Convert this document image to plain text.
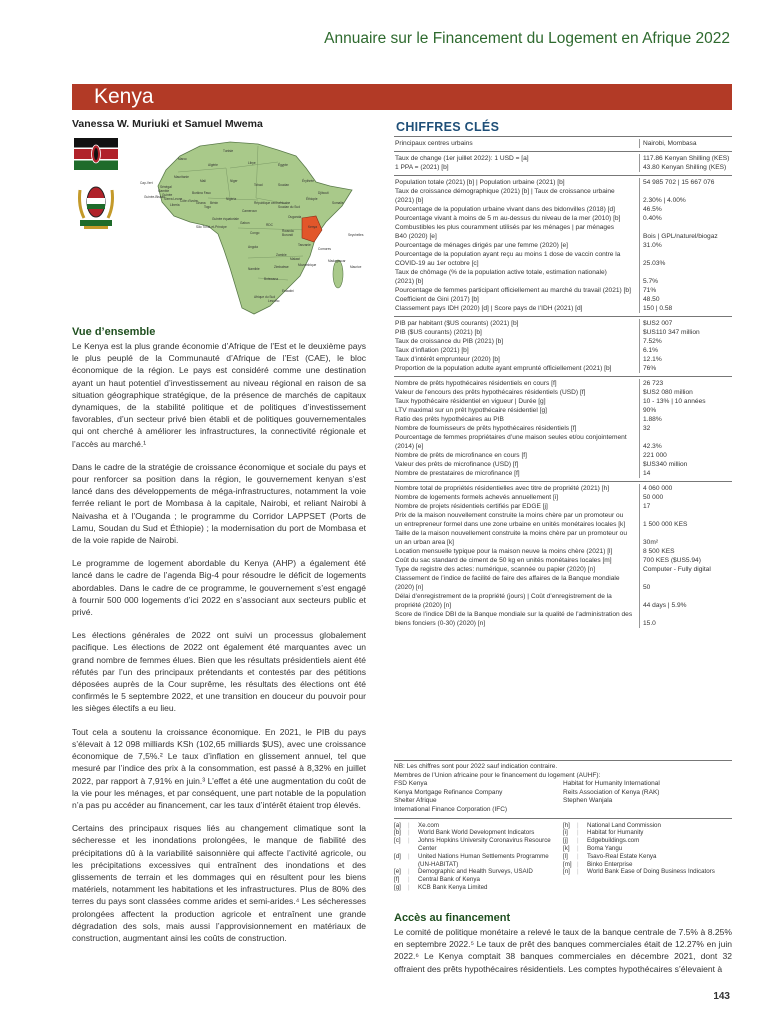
Annuaire sur le Financement du Logement en Afrique 2022
Kenya
Vanessa W. Muriuki et Samuel Mwema
Tunisie
Maroc
Algérie	Libye	Égypte
Mauritanie
Mali	Niger
Tchad	Soudan
Érythrée
Sénégal
Burkina Faso
Nigéria	Éthiopie
Somalie
Cameroun
Gabon	RDC	Kenya
Tanzanie
Angola
Zambie
Mozambique
Namibie
Botswana
Afrique du Sud
Madagascar
Maurice
Seychelles
Cap-Vert
Gambie
Guinée
Sierra Leone
Liberia
Côte d'Ivoire
Ghana
Togo
Bénin
Ouganda
Rwanda
Burundi
Malawi
Zimbabwe
Lesotho
Eswatini
Comores
São Tomé-et-Príncipe
Guinée équatoriale
Congo
République centrafricaine
Soudan du Sud
Djibouti
Guinée-Bissau
Vue d’ensemble

Le Kenya est la plus grande économie d’Afrique de l’Est et le deuxième pays le plus peuplé de la Communauté d’Afrique de l’Est (CAE), le bloc économique de la région. Le pays est considéré comme une destination ayant un haut potentiel d’investissement au niveau régional en raison de sa situation géographique stratégique, de la présence de marchés de capitaux dynamiques, de la stabilité politique et de politiques d’investissement favorables, d’un secteur privé bien établi et de politiques gouvernementales qui ont cherché à améliorer les infrastructures, la connectivité régionale et l’accès au marché.¹

Dans le cadre de la stratégie de croissance économique et sociale du pays et pour renforcer sa position dans la région, le gouvernement kenyan s’est lancé dans des développements de méga-infrastructures, notamment la voie ferrée reliant le port de Mombasa à la capitale, Nairobi, et reliant Nairobi à Naivasha et à l’Ouganda ; le programme du Corridor LAPPSET (Ports de Lamu, Soudan du Sud et Éthiopie) ; la modernisation du port de Mombasa et de la voie rapide de Nairobi.

Le programme de logement abordable du Kenya (AHP) a également été lancé dans le cadre de l’agenda Big-4 pour résoudre le déficit de logements abordables. Dans le cadre de ce programme, le gouvernement s’est engagé à fournir 500 000 logements d’ici 2022 en s’associant aux secteurs public et privé.

Les élections générales de 2022 ont suivi un processus globalement pacifique. Les élections de 2022 ont également été marquantes avec un grand nombre de femmes élues. Bien que les résultats présidentiels aient été réfutés par l’un des principaux prétendants et contestés par des pétitions déposées auprès de la Cour suprême, les résultats des élections ont été confirmés le 5 septembre 2022, et une transition en douceur du pouvoir pour les sièges électifs a eu lieu.

Tout cela a soutenu la croissance économique. En 2021, le PIB du pays s’élevait à 12 098 milliards KSh (102,65 milliards $US), avec une croissance économique de 7,5%.² Le taux d’inflation en glissement annuel, tel que mesuré par l’indice des prix à la consommation, est passé à 8,32% en juillet 2022, par rapport à 7,91% en juin.³ L’effet a été une augmentation du coût de la vie pour les ménages, et par conséquent, une part notable de la population n’a pas pu accéder au financement, car les taux d’intérêt étaient trop élevés.

Certains des principaux risques liés au changement climatique sont la sécheresse et les inondations prolongées, le manque de fiabilité des précipitations dû à la variabilité saisonnière qui affecte l’activité agricole, ou les précipitations excessives qui entraînent des inondations et des glissements de terrain et les dommages qui en résultent pour les biens matériels, notamment les habitations et les infrastructures. Plus de 80% des terres du pays sont classées comme arides et semi-arides.⁴ Les sécheresses prolongées affectent la production agricole et entraînent une grande dégradation des sols, mais aussi l’approvisionnement en matériaux de construction, augmentant ainsi les coûts de construction.

CHIFFRES CLÉS
Principaux centres urbains	Nairobi, Mombasa
Taux de change (1er juillet 2022): 1 USD = [a]	117.86 Kenyan Shilling (KES)
1 PPA = (2021) [b]	43.80 Kenyan Shilling (KES)
Population totale (2021) [b] | Population urbaine (2021) [b]	54 985 702 | 15 667 076
Taux de croissance démographique (2021) [b] | Taux de croissance urbaine
(2021) [b]	2.30% | 4.00%
Pourcentage de la population urbaine vivant dans des bidonvilles (2018) [d]	46.5%
Pourcentage vivant à moins de 5 m au-dessus du niveau de la mer (2010) [b]	0.40%
Combustibles les plus couramment utilisés par les ménages | par ménages
B40 (2020) [e]	Bois | GPL/naturel/biogaz
Pourcentage de ménages dirigés par une femme (2020) [e]	31.0%
Pourcentage de la population ayant reçu au moins 1 dose de vaccin contre la
COVID-19 au 1er octobre [c]	25.03%
Taux de chômage (% de la population active totale, estimation nationale)
(2021) [b]	5.7%
Pourcentage de femmes participant officiellement au marché du travail (2021) [b]	71%
Coefficient de Gini (2017) [b]	48.50
Classement pays IDH (2020) [d] | Score pays de l’IDH (2021) [d]	150 | 0.58
PIB par habitant ($US courants) (2021) [b]	$US2 007
PIB ($US courants) (2021) [b]	$US110 347 million
Taux de croissance du PIB (2021) [b]	7.52%
Taux d’inflation (2021) [b]	6.1%
Taux d’intérêt emprunteur (2020) [b]	12.1%
Proportion de la population adulte ayant emprunté officiellement (2021) [b]	76%
Nombre de prêts hypothécaires résidentiels en cours [f]	26 723
Valeur de l’encours des prêts hypothécaires résidentiels (USD) [f]	$US2 080 million
Taux hypothécaire résidentiel en vigueur | Durée [g]	10 - 13% | 10 années
LTV maximal sur un prêt hypothécaire résidentiel [g]	90%
Ratio des prêts hypothécaires au PIB	1.88%
Nombre de fournisseurs de prêts hypothécaires résidentiels [f]	32
Pourcentage de femmes propriétaires d’une maison seules et/ou conjointement
(2014) [e]	42.3%
Nombre de prêts de microfinance en cours [f]	221 000
Valeur des prêts de microfinance (USD) [f]	$US340 million
Nombre de prestataires de microfinance [f]	14
Nombre total de propriétés résidentielles avec titre de propriété (2021) [h]	4 060 000
Nombre de logements formels achevés annuellement [i]	50 000
Nombre de projets résidentiels certifiés par EDGE [j]	17
Prix de la maison nouvellement construite la moins chère par un promoteur ou
un entrepreneur formel dans une zone urbaine en unités monétaires locales [k]	1 500 000 KES
Taille de la maison nouvellement construite la moins chère par un promoteur ou
un an urban area [k]	30m²
Location mensuelle typique pour la maison neuve la moins chère (2021) [l]	8 500 KES
Coût du sac standard de ciment de 50 kg en unités monétaires locales [m]	700 KES ($US5.94)
Type de registre des actes: numérique, scannée ou papier (2020) [n]	Computer - Fully digital
Classement de l’indice de facilité de faire des affaires de la Banque mondiale
(2020) [n]	50
Délai d’enregistrement de la propriété (jours) | Coût d’enregistrement de la
propriété (2020) [n]	44 days | 5.9%
Score de l’indice DBI de la Banque mondiale sur la qualité de l’administration des
biens fonciers (0-30) (2020) [n]	15.0
NB: Les chiffres sont pour 2022 sauf indication contraire.
Membres de l’Union africaine pour le financement du logement (AUHF):
FSD Kenya	Habitat for Humanity International
Kenya Mortgage Refinance Company	Reits Association of Kenya (RAK)
Shelter Afrique	Stephen Wanjala
International Finance Corporation (IFC)
[a]	|	Xe.com
[b]	|	World Bank World Development Indicators
[c]	|	Johns Hopkins University Coronavirus Resource Center
[d]	|	United Nations Human Settlements Programme (UN-HABITAT)
[e]	|	Demographic and Health Surveys, USAID
[f]	|	Central Bank of Kenya
[g]	|	KCB Bank Kenya Limited
[h]	|	National Land Commission
[i]	|	Habitat for Humanity
[j]	|	Edgebuildings.com
[k]	|	Boma Yangu
[l]	|	Tsavo-Real Estate Kenya
[m] |	Binko Enterprise
[n]	|	World Bank Ease of Doing Business Indicators
Accès au financement

Le comité de politique monétaire a relevé le taux de la banque centrale de 7.5% à 8.25% en septembre 2022.⁵ Le taux de prêt des banques commerciales était de 12.27% en juin 2022.⁶ Le Kenya comptait 38 banques commerciales en décembre 2021, dont 32 offraient des prêts hypothécaires résidentiels. Les comptes hypothécaires s’élevaient à

143
